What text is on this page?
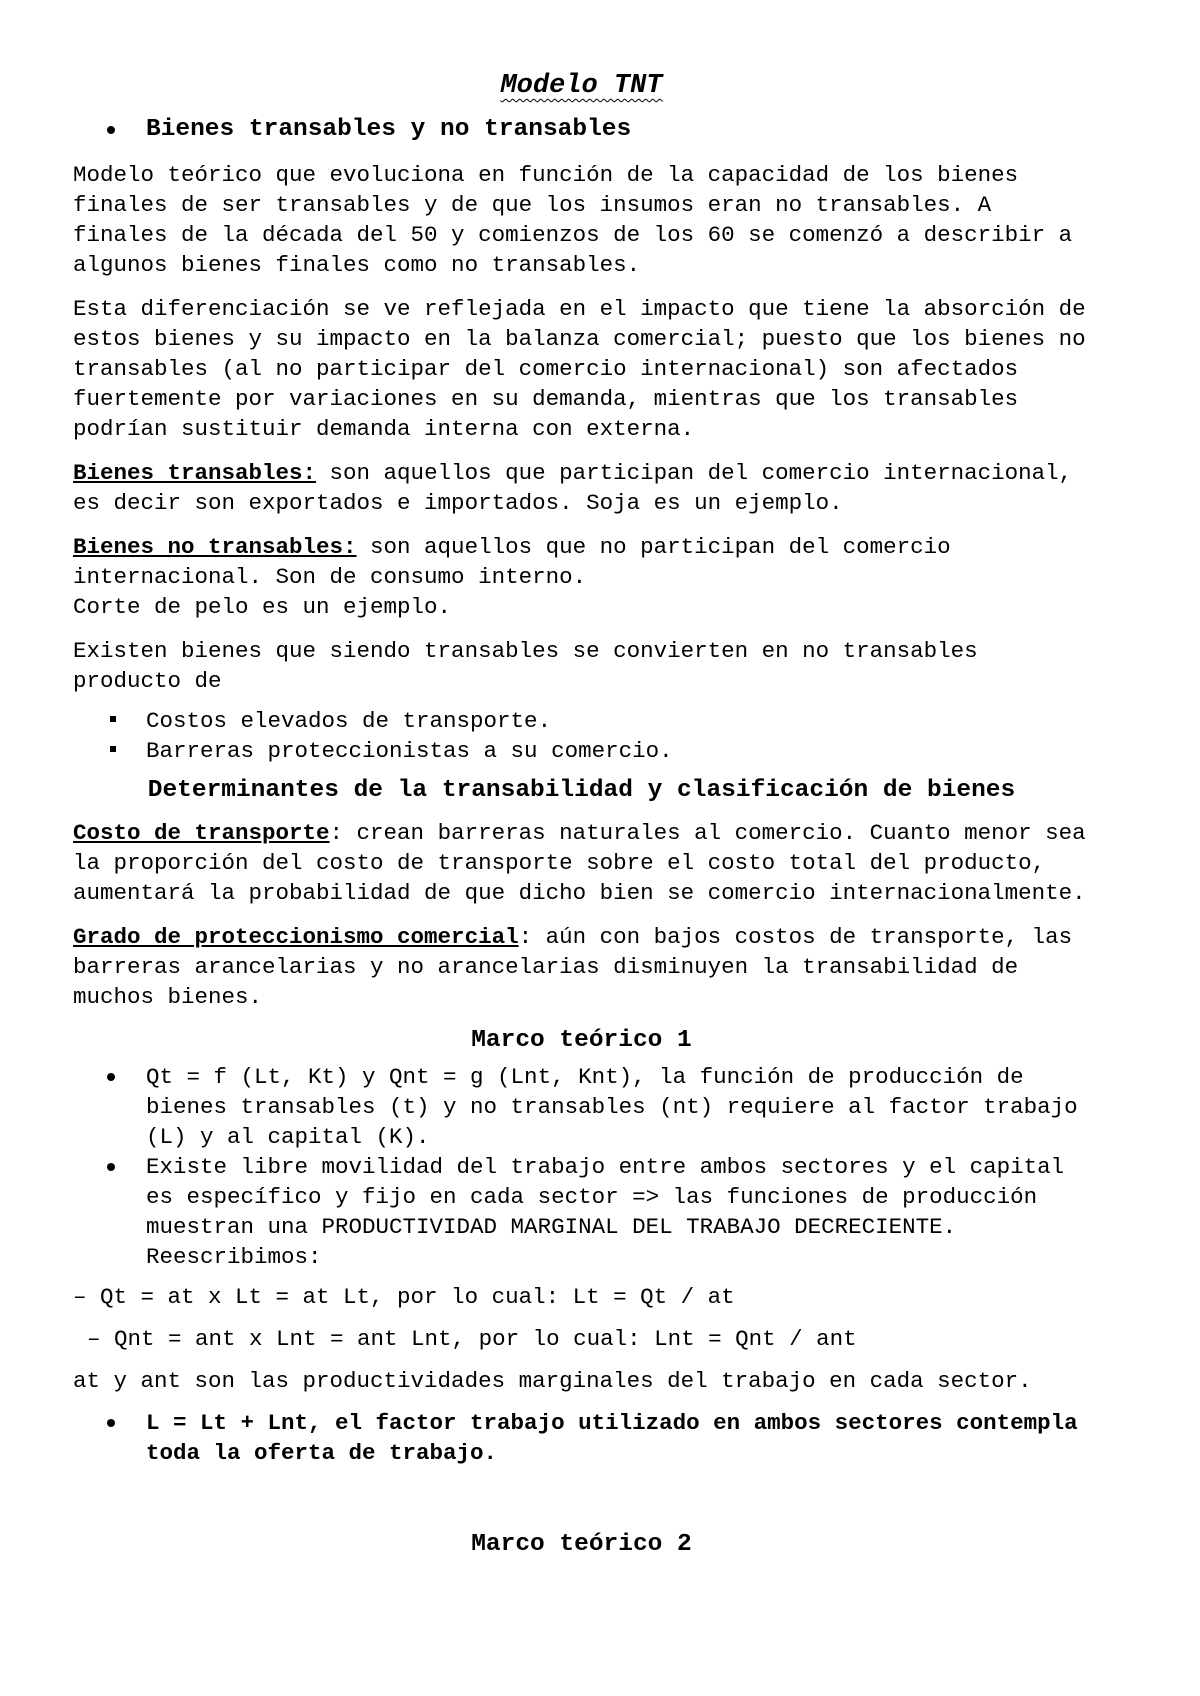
Modelo TNT
Bienes transables y no transables

Modelo teórico que evoluciona en función de la capacidad de los bienes finales de ser transables y de que los insumos eran no transables. A finales de la década del 50 y comienzos de los 60 se comenzó a describir a algunos bienes finales como no transables.

Esta diferenciación se ve reflejada en el impacto que tiene la absorción de estos bienes y su impacto en la balanza comercial; puesto que los bienes no transables (al no participar del comercio internacional) son afectados fuertemente por variaciones en su demanda, mientras que los transables podrían sustituir demanda interna con externa.

Bienes transables: son aquellos que participan del comercio internacional, es decir son exportados e importados. Soja es un ejemplo.

Bienes no transables: son aquellos que no participan del comercio internacional. Son de consumo interno.
Corte de pelo es un ejemplo.

Existen bienes que siendo transables se convierten en no transables producto de

Costos elevados de transporte.
Barreras proteccionistas a su comercio.
Determinantes de la transabilidad y clasificación de bienes

Costo de transporte: crean barreras naturales al comercio. Cuanto menor sea la proporción del costo de transporte sobre el costo total del producto, aumentará la probabilidad de que dicho bien se comercio internacionalmente.

Grado de proteccionismo comercial: aún con bajos costos de transporte, las barreras arancelarias y no arancelarias disminuyen la transabilidad de muchos bienes.

Marco teórico 1
Qt = f (Lt, Kt) y Qnt = g (Lnt, Knt), la función de producción de bienes transables (t) y no transables (nt) requiere al factor trabajo (L) y al capital (K).
Existe libre movilidad del trabajo entre ambos sectores y el capital es específico y fijo en cada sector => las funciones de producción muestran una PRODUCTIVIDAD MARGINAL DEL TRABAJO DECRECIENTE. Reescribimos:
– Qt = at x Lt = at Lt, por lo cual: Lt = Qt / at
– Qnt = ant x Lnt = ant Lnt, por lo cual: Lnt = Qnt / ant
at y ant son las productividades marginales del trabajo en cada sector.
L = Lt + Lnt, el factor trabajo utilizado en ambos sectores contempla toda la oferta de trabajo.
Marco teórico 2
